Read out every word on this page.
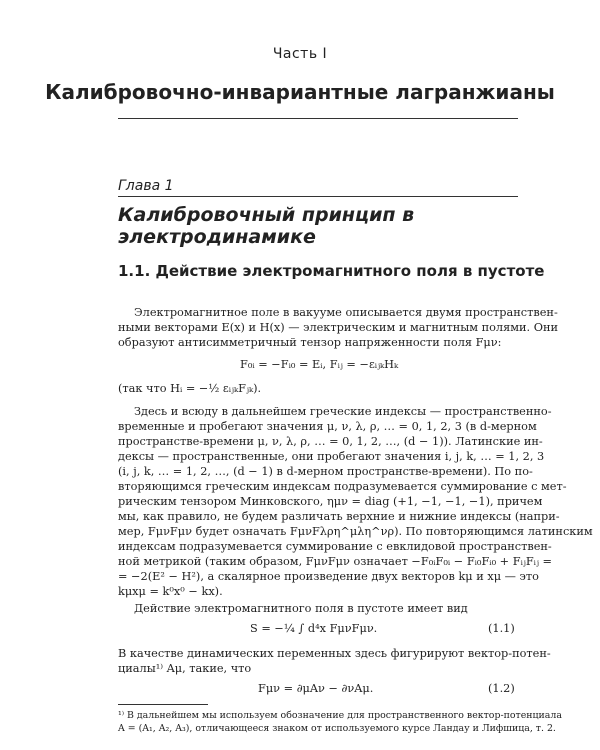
Часть I
Калибровочно-инвариантные лагранжианы
Глава 1
Калибровочный принцип в электродинамике
1.1. Действие электромагнитного поля в пустоте
Электромагнитное поле в вакууме описывается двумя пространствен-
ными векторами E(x) и H(x) — электрическим и магнитным полями. Они
образуют антисимметричный тензор напряженности поля Fμν:
F₀ᵢ = −Fᵢ₀ = Eᵢ, Fᵢⱼ = −εᵢⱼₖHₖ
(так что Hᵢ = −½ εᵢⱼₖFⱼₖ).
Здесь и всюду в дальнейшем греческие индексы — пространственно-
временные и пробегают значения μ, ν, λ, ρ, … = 0, 1, 2, 3 (в d-мерном
пространстве-времени μ, ν, λ, ρ, … = 0, 1, 2, …, (d − 1)). Латинские ин-
дексы — пространственные, они пробегают значения i, j, k, … = 1, 2, 3
(i, j, k, … = 1, 2, …, (d − 1) в d-мерном пространстве-времени). По по-
вторяющимся греческим индексам подразумевается суммирование с мет-
рическим тензором Минковского, ημν = diag (+1, −1, −1, −1), причем
мы, как правило, не будем различать верхние и нижние индексы (напри-
мер, FμνFμν будет означать FμνFλρη^μλη^νρ). По повторяющимся латинским
индексам подразумевается суммирование с евклидовой пространствен-
ной метрикой (таким образом, FμνFμν означает −F₀ᵢF₀ᵢ − Fᵢ₀Fᵢ₀ + FᵢⱼFᵢⱼ =
= −2(E² − H²), а скалярное произведение двух векторов kμ и xμ — это
kμxμ = k⁰x⁰ − kx).
Действие электромагнитного поля в пустоте имеет вид
S = −¼ ∫ d⁴x FμνFμν.	(1.1)
В качестве динамических переменных здесь фигурируют вектор-потен-
циалы¹⁾ Aμ, такие, что
Fμν = ∂μAν − ∂νAμ.	(1.2)
¹⁾ В дальнейшем мы используем обозначение для пространственного вектор-потенциала
A = (A₁, A₂, A₃), отличающееся знаком от используемого курсе Ландау и Лифшица, т. 2.
